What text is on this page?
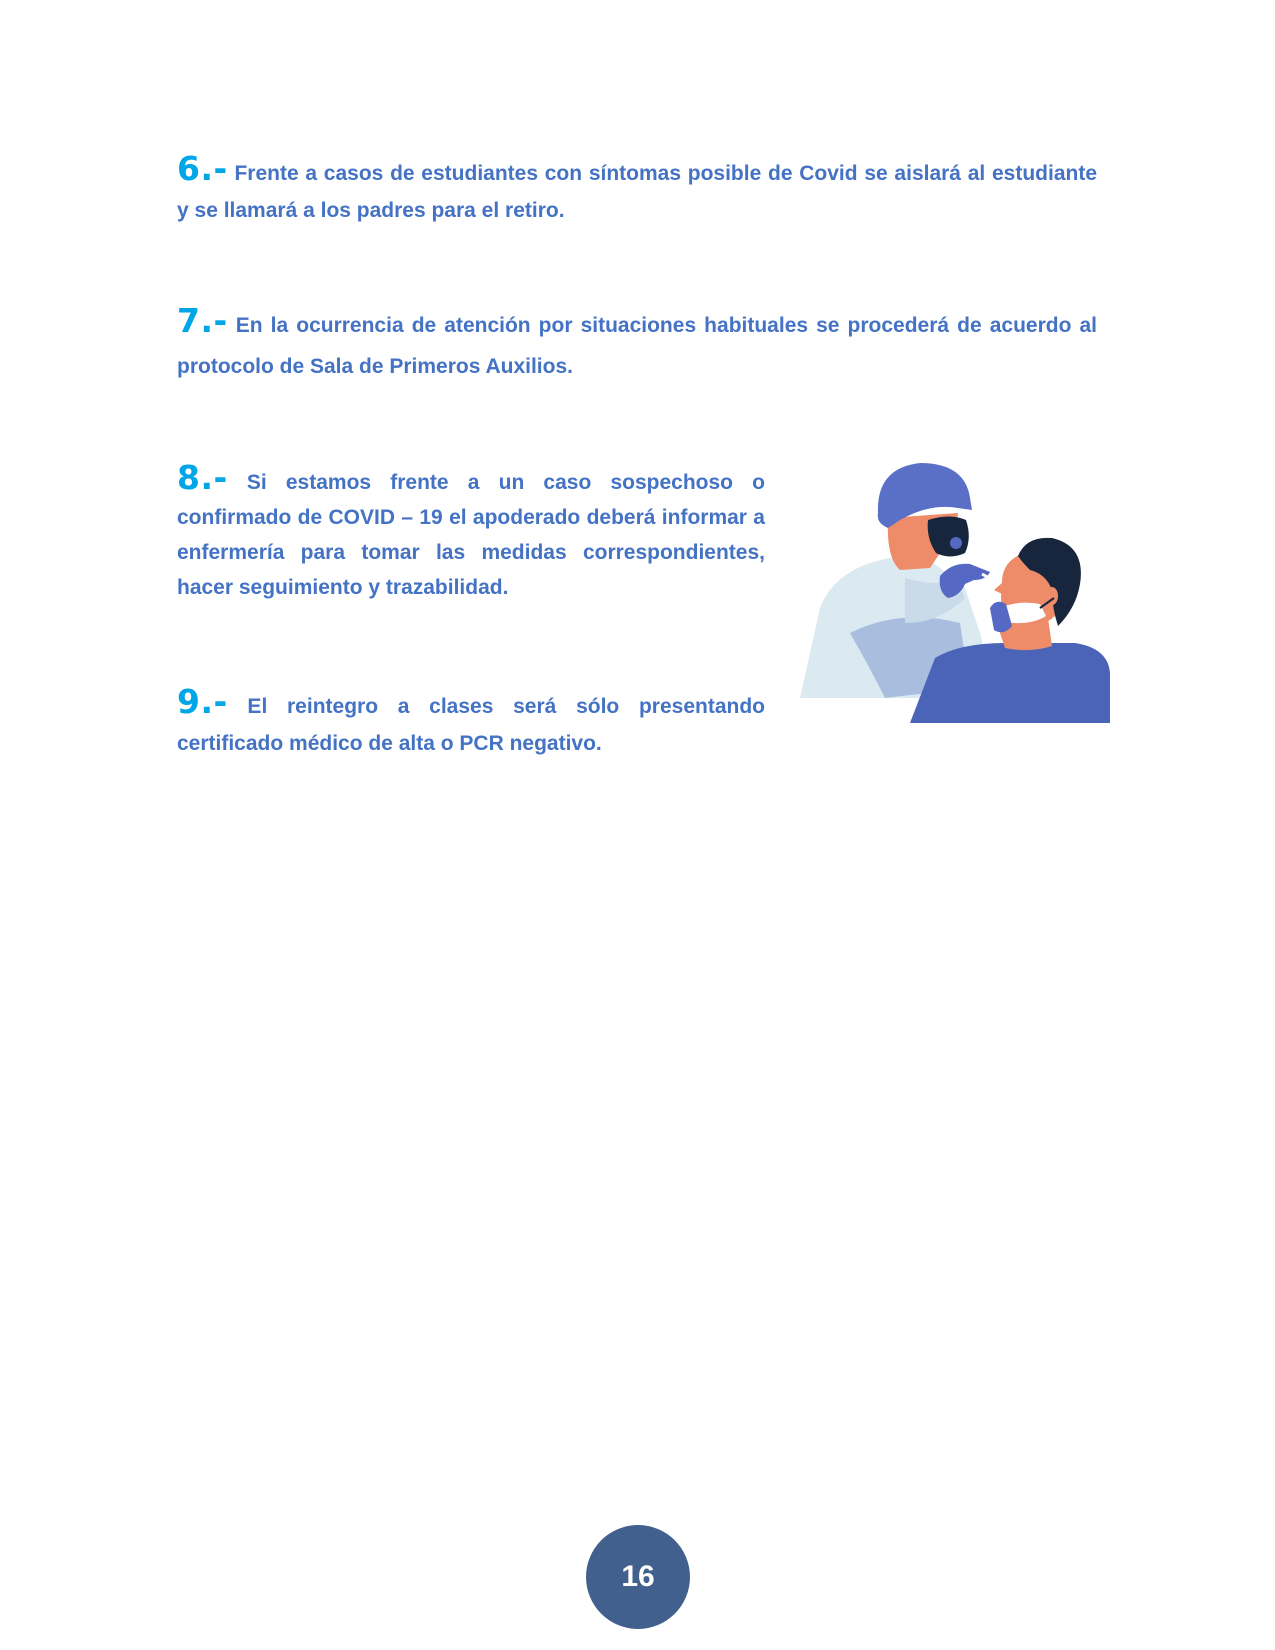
6.- Frente a casos de estudiantes con síntomas posible de Covid se aislará al estudiante y se llamará a los padres para el retiro.

7.- En la ocurrencia de atención por situaciones habituales se procederá de acuerdo al protocolo de Sala de Primeros Auxilios.

8.- Si estamos frente a un caso sospechoso o confirmado de COVID – 19 el apoderado deberá informar a enfermería para tomar las medidas correspondientes, hacer seguimiento y trazabilidad.

9.- El reintegro a clases será sólo presentando certificado médico de alta o PCR negativo.

16
